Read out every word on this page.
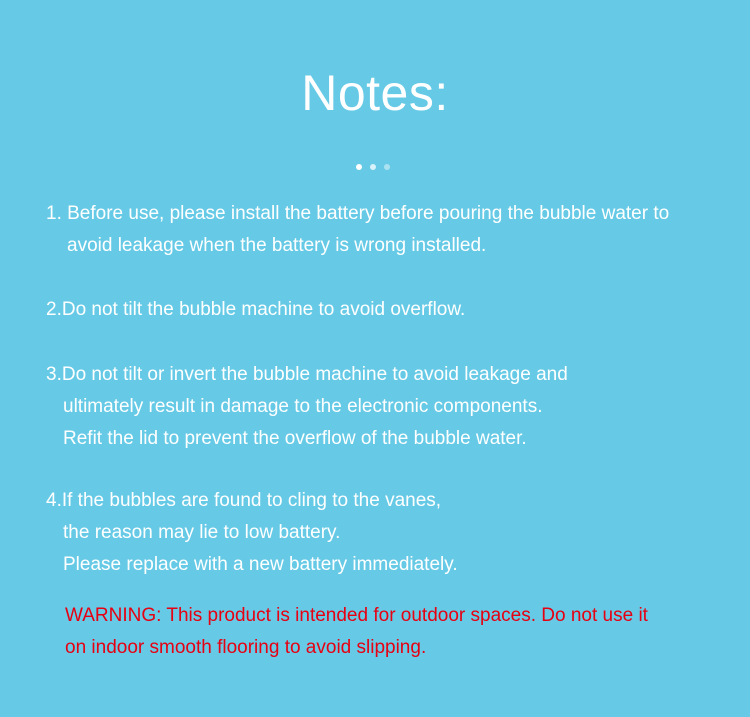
Notes:
1. Before use, please install the battery before pouring the bubble water to
avoid leakage when the battery is wrong installed.
2.Do not tilt the bubble machine to avoid overflow.
3.Do not tilt or invert the bubble machine to avoid leakage and
ultimately result in damage to the electronic components.
Refit the lid to prevent the overflow of the bubble water.
4.If the bubbles are found to cling to the vanes,
the reason may lie to low battery.
Please replace with a new battery immediately.
WARNING: This product is intended for outdoor spaces. Do not use it
on indoor smooth flooring to avoid slipping.
